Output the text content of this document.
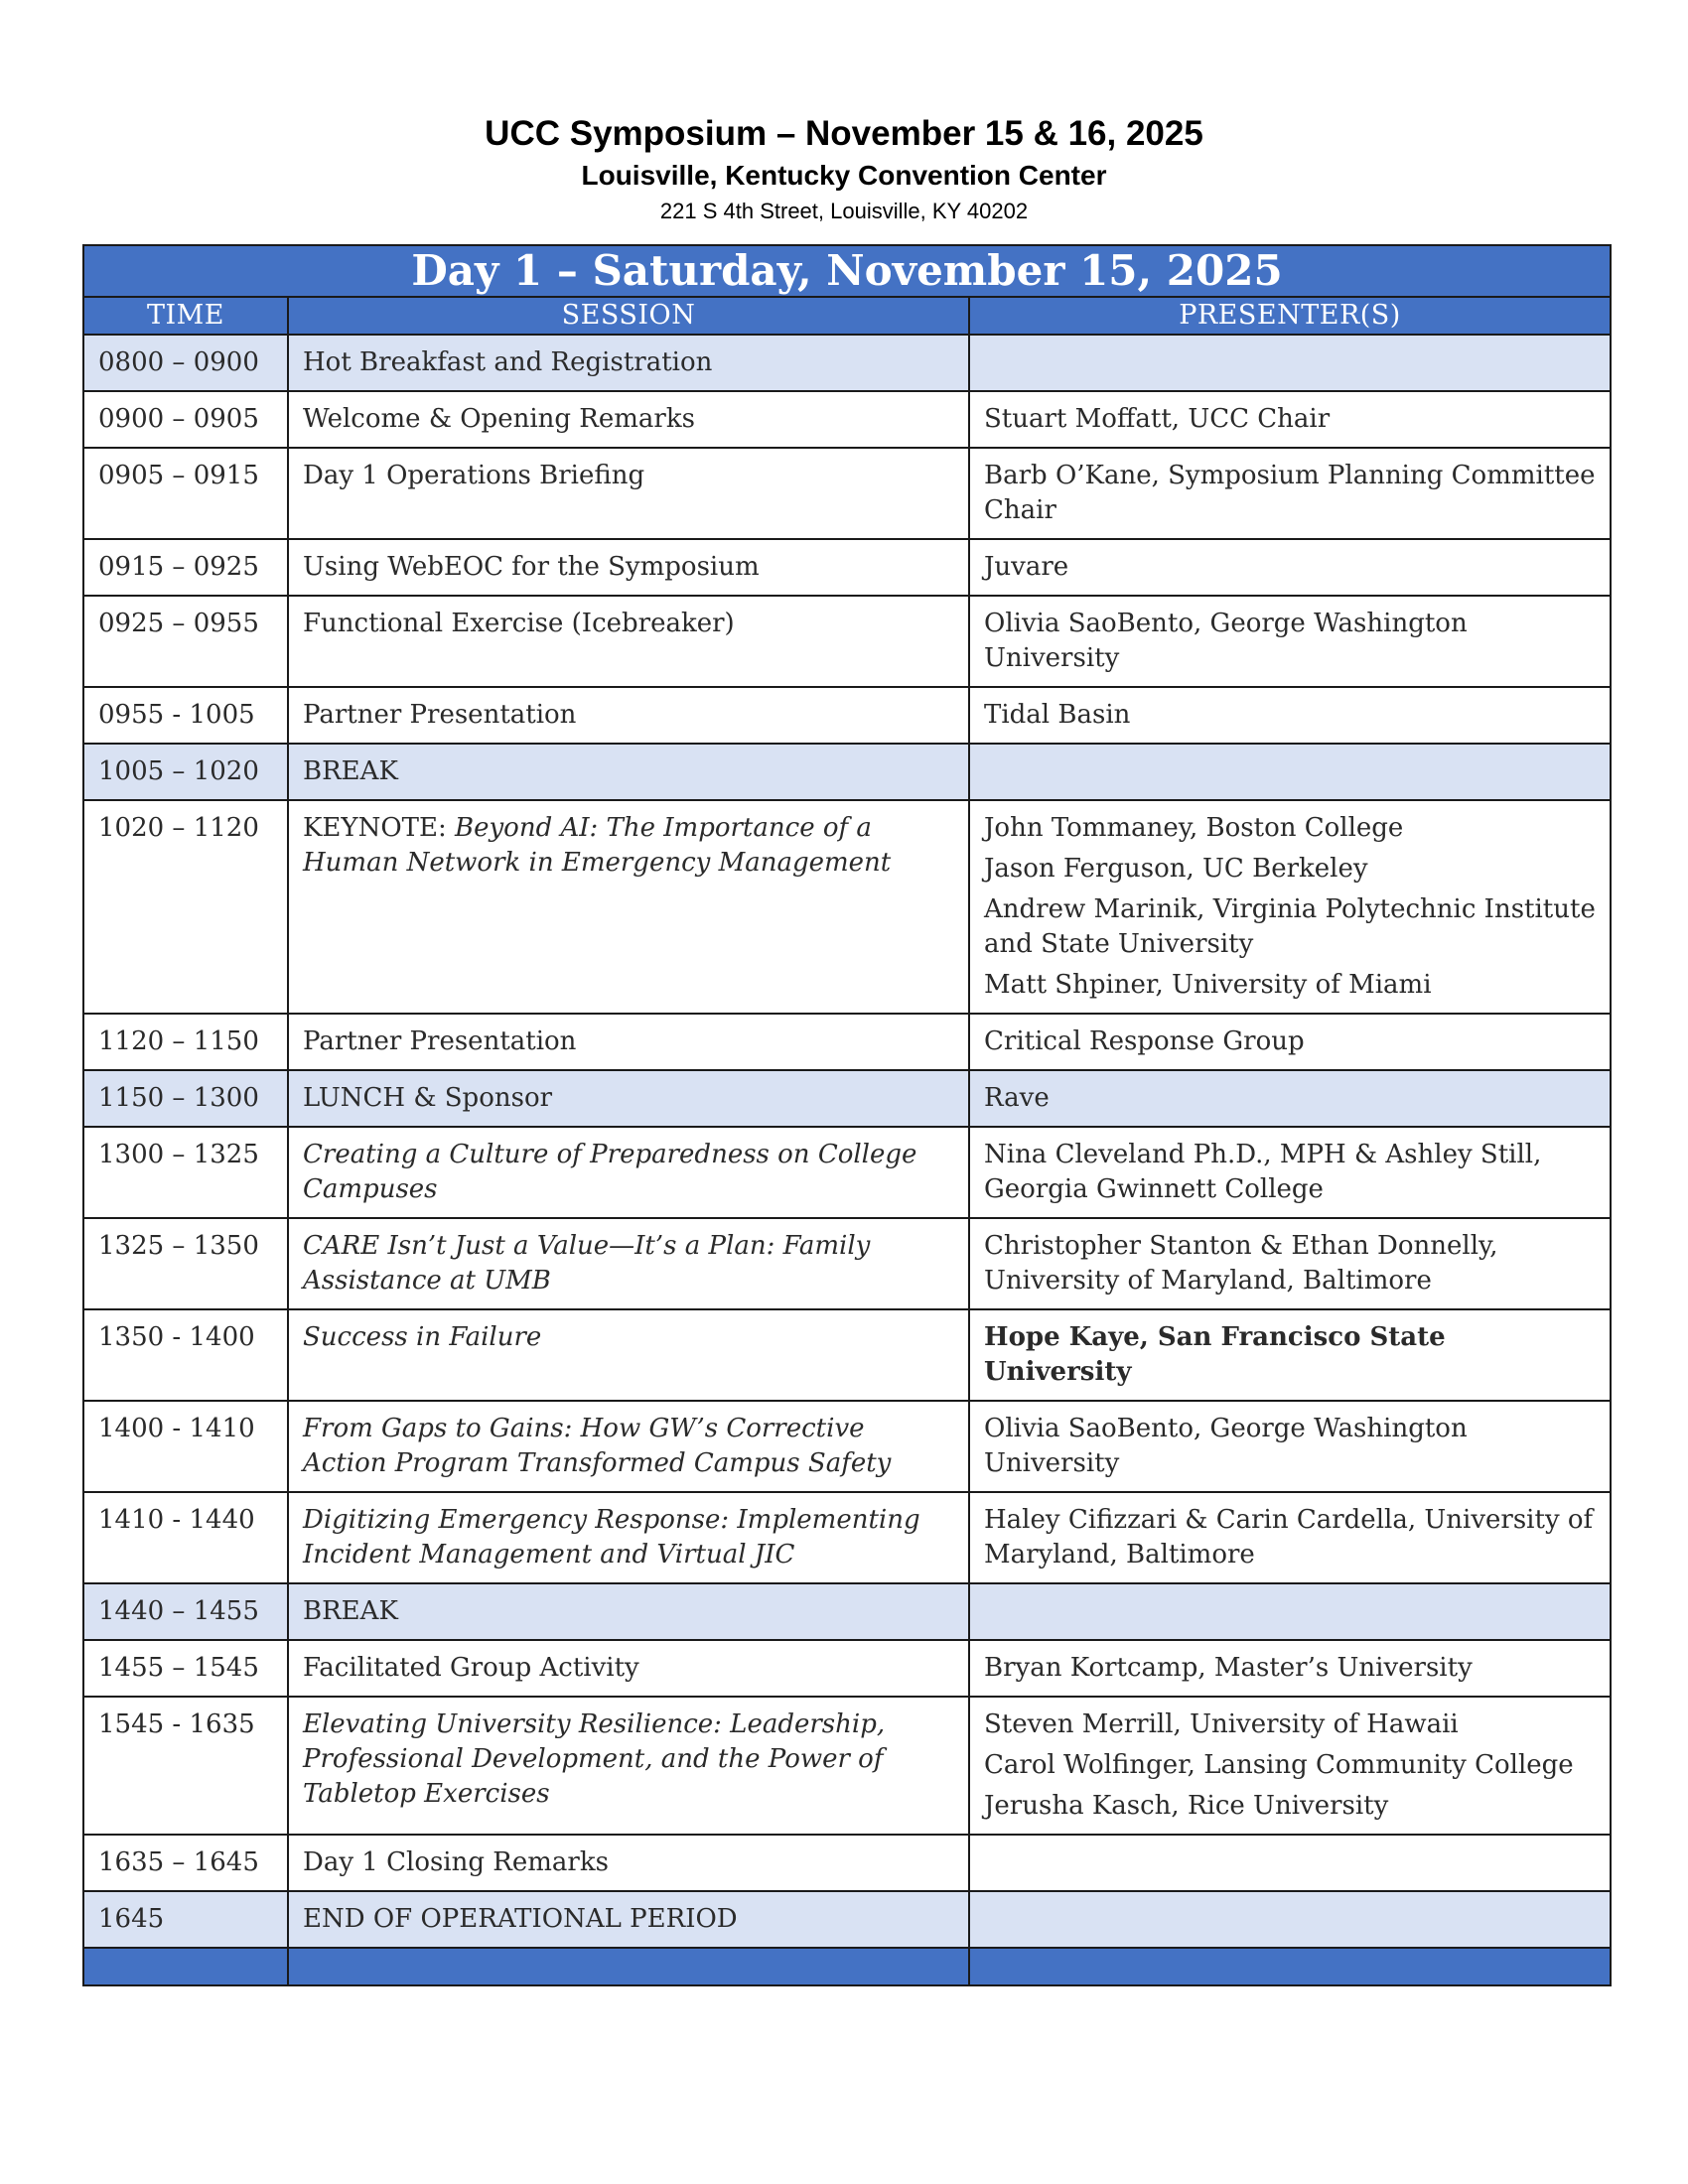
UCC Symposium – November 15 & 16, 2025
Louisville, Kentucky Convention Center
221 S 4th Street, Louisville, KY 40202
Day 1 – Saturday, November 15, 2025		
TIME	SESSION	PRESENTER(S)
0800 – 0900	Hot Breakfast and Registration	
0900 – 0905	Welcome & Opening Remarks	Stuart Moffatt, UCC Chair
0905 – 0915	Day 1 Operations Briefing	Barb O’Kane, Symposium Planning Committee Chair
0915 – 0925	Using WebEOC for the Symposium	Juvare
0925 – 0955	Functional Exercise (Icebreaker)	Olivia SaoBento, George Washington University
0955 - 1005	Partner Presentation	Tidal Basin
1005 – 1020	BREAK	
1020 – 1120	KEYNOTE: Beyond AI: The Importance of a Human Network in Emergency Management	John Tommaney, Boston College
Jason Ferguson, UC Berkeley
Andrew Marinik, Virginia Polytechnic Institute and State University
Matt Shpiner, University of Miami

1120 – 1150	Partner Presentation	Critical Response Group
1150 – 1300	LUNCH & Sponsor	Rave
1300 – 1325	Creating a Culture of Preparedness on College Campuses	Nina Cleveland Ph.D., MPH & Ashley Still, Georgia Gwinnett College
1325 – 1350	CARE Isn’t Just a Value—It’s a Plan: Family Assistance at UMB	Christopher Stanton & Ethan Donnelly, University of Maryland, Baltimore
1350 - 1400	Success in Failure	Hope Kaye, San Francisco State University
1400 - 1410	From Gaps to Gains: How GW’s Corrective Action Program Transformed Campus Safety	Olivia SaoBento, George Washington University
1410 - 1440	Digitizing Emergency Response: Implementing Incident Management and Virtual JIC	Haley Cifizzari & Carin Cardella, University of Maryland, Baltimore
1440 – 1455	BREAK	
1455 – 1545	Facilitated Group Activity	Bryan Kortcamp, Master’s University
1545 - 1635	Elevating University Resilience: Leadership, Professional Development, and the Power of Tabletop Exercises	Steven Merrill, University of Hawaii
Carol Wolfinger, Lansing Community College
Jerusha Kasch, Rice University

1635 – 1645	Day 1 Closing Remarks	
1645	END OF OPERATIONAL PERIOD	
